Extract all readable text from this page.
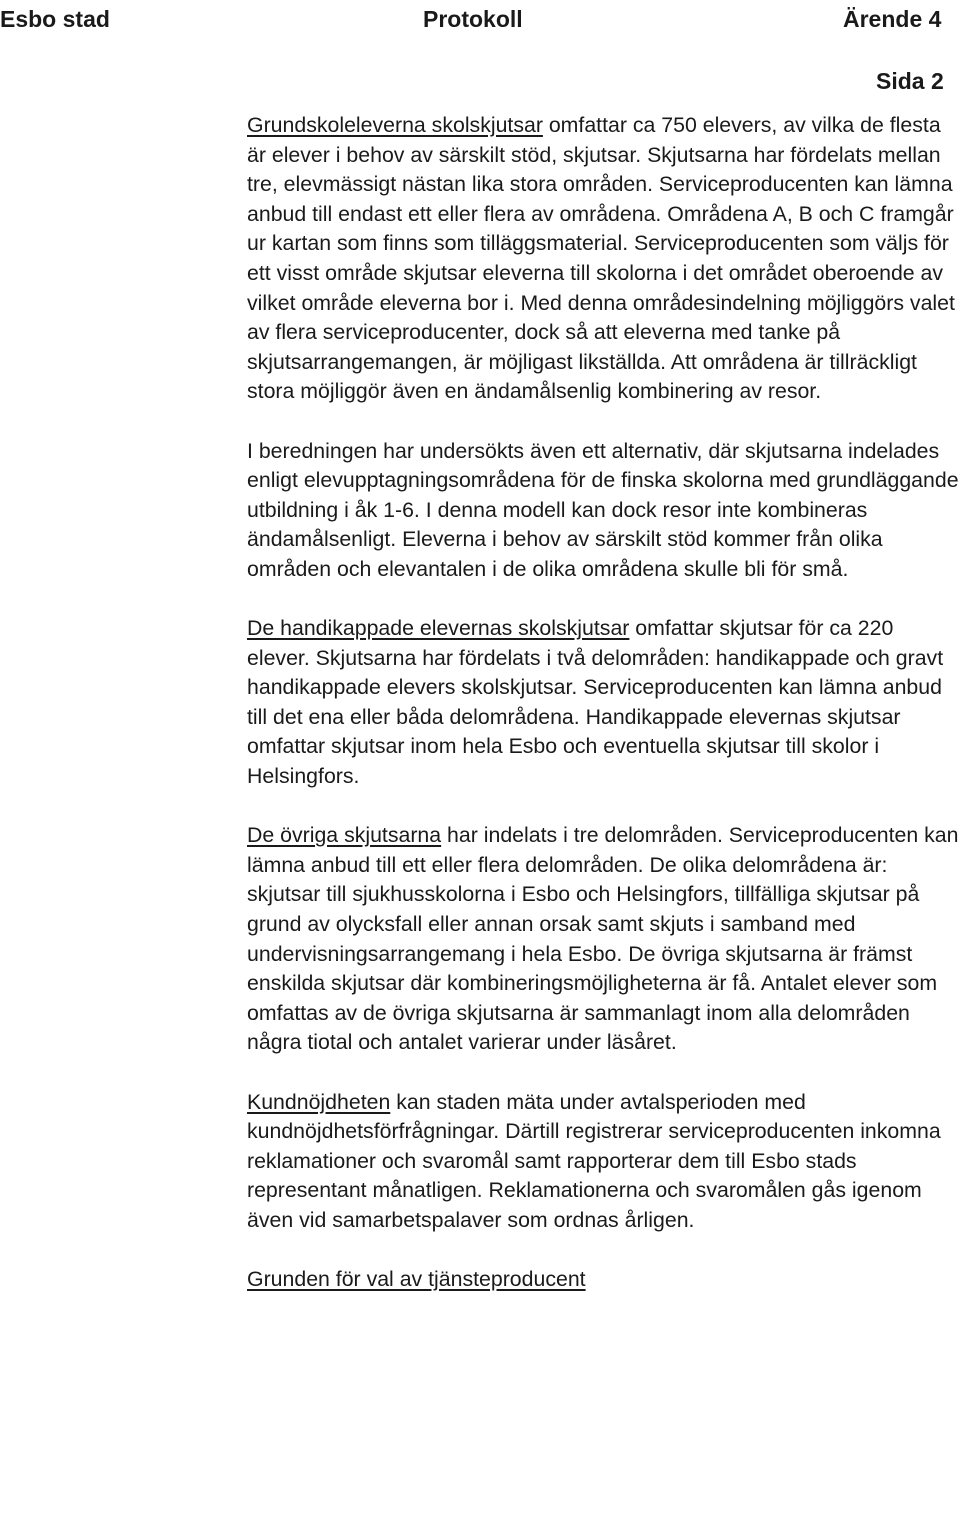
Esbo stad	Protokoll	Ärende 4
Sida 2

Grundskoleleverna skolskjutsar omfattar ca 750 elevers, av vilka de flesta är elever i behov av särskilt stöd, skjutsar. Skjutsarna har fördelats mellan tre, elevmässigt nästan lika stora områden. Serviceproducenten kan lämna anbud till endast ett eller flera av områdena. Områdena A, B och C framgår ur kartan som finns som tilläggsmaterial. Serviceproducenten som väljs för ett visst område skjutsar eleverna till skolorna i det området oberoende av vilket område eleverna bor i. Med denna områdesindelning möjliggörs valet av flera serviceproducenter, dock så att eleverna med tanke på skjutsarrangemangen, är möjligast likställda. Att områdena är tillräckligt stora möjliggör även en ändamålsenlig kombinering av resor.

I beredningen har undersökts även ett alternativ, där skjutsarna indelades enligt elevupptagningsområdena för de finska skolorna med grundläggande utbildning i åk 1-6. I denna modell kan dock resor inte kombineras ändamålsenligt. Eleverna i behov av särskilt stöd kommer från olika områden och elevantalen i de olika områdena skulle bli för små.

De handikappade elevernas skolskjutsar omfattar skjutsar för ca 220 elever. Skjutsarna har fördelats i två delområden: handikappade och gravt handikappade elevers skolskjutsar. Serviceproducenten kan lämna anbud till det ena eller båda delområdena. Handikappade elevernas skjutsar omfattar skjutsar inom hela Esbo och eventuella skjutsar till skolor i Helsingfors.

De övriga skjutsarna har indelats i tre delområden. Serviceproducenten kan lämna anbud till ett eller flera delområden. De olika delområdena är: skjutsar till sjukhusskolorna i Esbo och Helsingfors, tillfälliga skjutsar på grund av olycksfall eller annan orsak samt skjuts i samband med undervisningsarrangemang i hela Esbo. De övriga skjutsarna är främst enskilda skjutsar där kombineringsmöjligheterna är få. Antalet elever som omfattas av de övriga skjutsarna är sammanlagt inom alla delområden några tiotal och antalet varierar under läsåret.

Kundnöjdheten kan staden mäta under avtalsperioden med kundnöjdhetsförfrågningar. Därtill registrerar serviceproducenten inkomna reklamationer och svaromål samt rapporterar dem till Esbo stads representant månatligen. Reklamationerna och svaromålen gås igenom även vid samarbetspalaver som ordnas årligen.

Grunden för val av tjänsteproducent
